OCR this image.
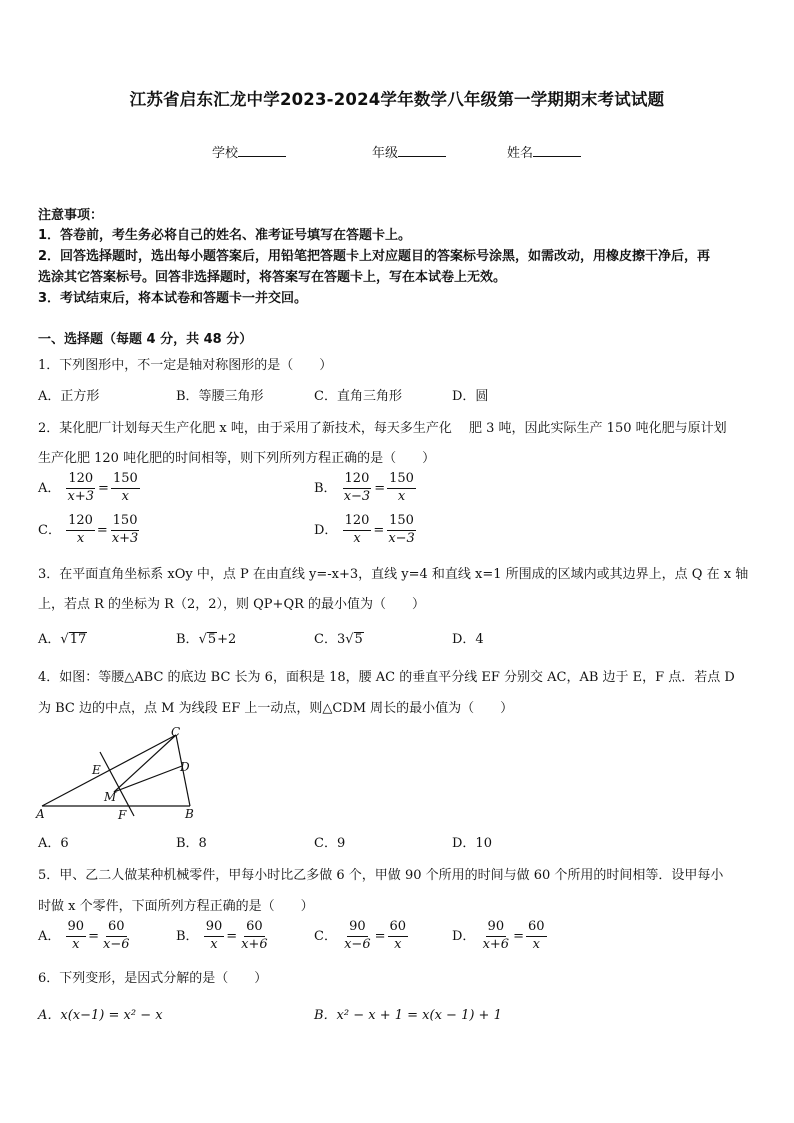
江苏省启东汇龙中学2023-2024学年数学八年级第一学期期末考试试题
学校	年级	姓名
注意事项：
1．答卷前，考生务必将自己的姓名、准考证号填写在答题卡上。
2．回答选择题时，选出每小题答案后，用铅笔把答题卡上对应题目的答案标号涂黑，如需改动，用橡皮擦干净后，再
选涂其它答案标号。回答非选择题时，将答案写在答题卡上，写在本试卷上无效。
3．考试结束后，将本试卷和答题卡一并交回。
一、选择题（每题 4 分，共 48 分）
1．下列图形中，不一定是轴对称图形的是（　　）
A．正方形	B．等腰三角形	C．直角三角形	D．圆
2．某化肥厂计划每天生产化肥 x 吨，由于采用了新技术，每天多生产化　 肥 3 吨，因此实际生产 150 吨化肥与原计划
生产化肥 120 吨化肥的时间相等，则下列所列方程正确的是（　　）
A． $\frac{120}{x+3} = \frac{150}{x}$	B． $\frac{120}{x-3} = \frac{150}{x}$
C． $\frac{120}{x} = \frac{150}{x+3}$	D． $\frac{120}{x} = \frac{150}{x-3}$
3．在平面直角坐标系 xOy 中，点 P 在由直线 y=-x+3，直线 y=4 和直线 x=1 所围成的区域内或其边界上，点 Q 在 x 轴
上，若点 R 的坐标为 R（2，2），则 QP+QR 的最小值为（　　）
A．√17	B．√5+2	C．3√5	D．4
4．如图：等腰△ABC 的底边 BC 长为 6，面积是 18，腰 AC 的垂直平分线 EF 分别交 AC，AB 边于 E，F 点．若点 D
为 BC 边的中点，点 M 为线段 EF 上一动点，则△CDM 周长的最小值为（　　）
A	B
C
D
E
F
M
A．6	B．8	C．9	D．10
5．甲、乙二人做某种机械零件，甲每小时比乙多做 6 个，甲做 90 个所用的时间与做 60 个所用的时间相等．设甲每小
时做 x 个零件，下面所列方程正确的是（　　）
A． $\frac{90}{x} = \frac{60}{x-6}$	B． $\frac{90}{x} = \frac{60}{x+6}$	C． $\frac{90}{x-6} = \frac{60}{x}$	D． $\frac{90}{x+6} = \frac{60}{x}$
6．下列变形，是因式分解的是（　　）
A．x(x−1) = x² − x	B．x² − x + 1 = x(x − 1) + 1
